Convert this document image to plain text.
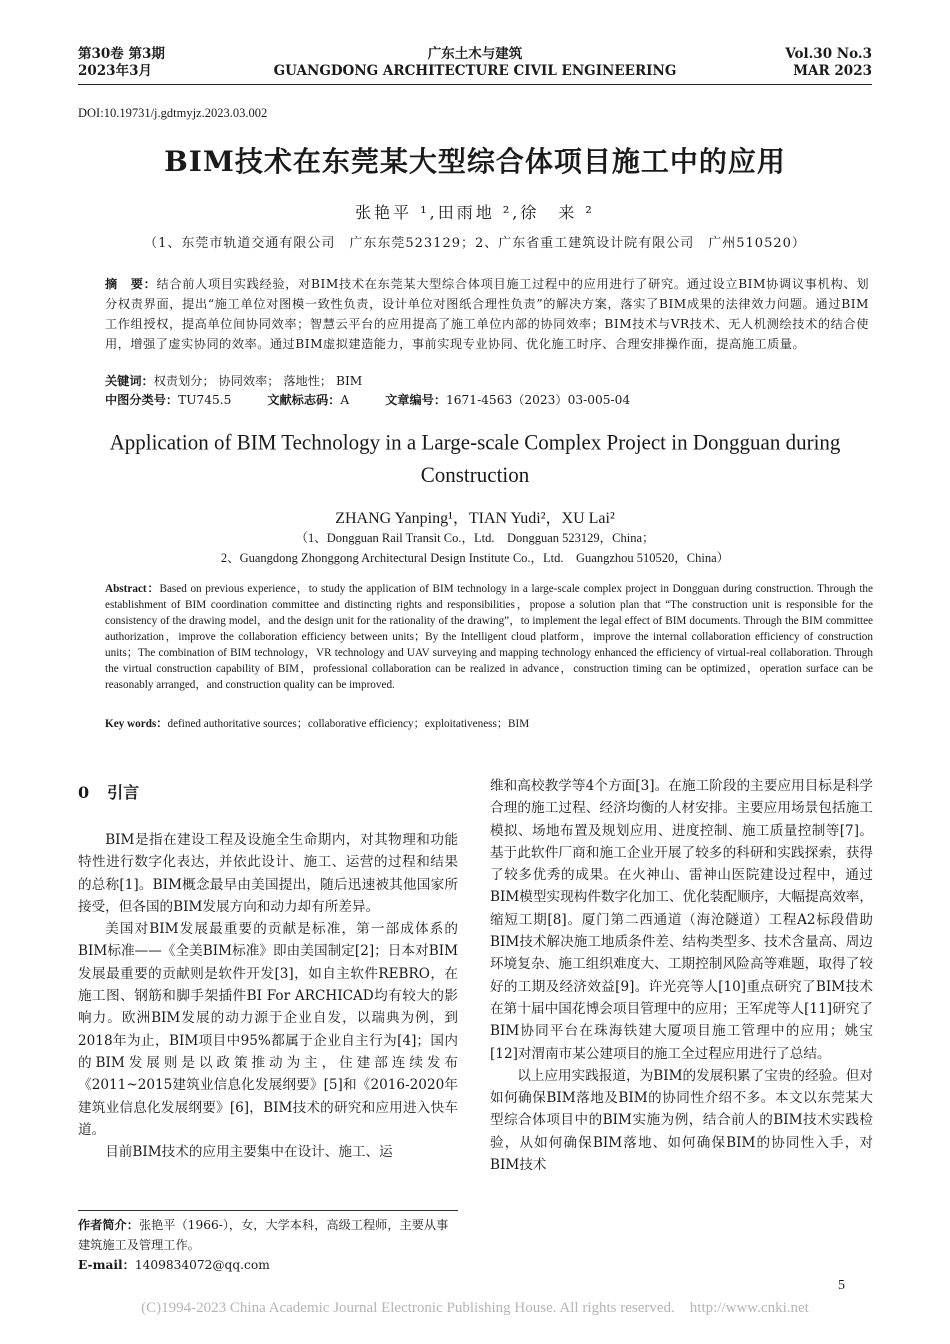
第30卷 第3期
2023年3月
广东土木与建筑
GUANGDONG ARCHITECTURE CIVIL ENGINEERING
Vol.30 No.3
MAR 2023
DOI:10.19731/j.gdtmyjz.2023.03.002
BIM技术在东莞某大型综合体项目施工中的应用
张艳平 ¹,田雨地 ²,徐　来 ²
（1、东莞市轨道交通有限公司　广东东莞523129；2、广东省重工建筑设计院有限公司　广州510520）
摘　要：结合前人项目实践经验，对BIM技术在东莞某大型综合体项目施工过程中的应用进行了研究。通过设立BIM协调议事机构、划分权责界面，提出“施工单位对图模一致性负责，设计单位对图纸合理性负责”的解决方案，落实了BIM成果的法律效力问题。通过BIM工作组授权，提高单位间协同效率；智慧云平台的应用提高了施工单位内部的协同效率；BIM技术与VR技术、无人机测绘技术的结合使用，增强了虚实协同的效率。通过BIM虚拟建造能力，事前实现专业协同、优化施工时序、合理安排操作面，提高施工质量。
关键词：权责划分； 协同效率； 落地性； BIM
中图分类号：TU745.5	文献标志码：A	文章编号：1671-4563（2023）03-005-04
Application of BIM Technology in a Large-scale Complex Project in Dongguan during Construction
ZHANG Yanping¹，TIAN Yudi²，XU Lai²
（1、Dongguan Rail Transit Co.，Ltd.　Dongguan 523129，China；
2、Guangdong Zhonggong Architectural Design Institute Co.，Ltd.　Guangzhou 510520，China）
Abstract：Based on previous experience，to study the application of BIM technology in a large-scale complex project in Dongguan during construction. Through the establishment of BIM coordination committee and distincting rights and responsibilities，propose a solution plan that “The construction unit is responsible for the consistency of the drawing model，and the design unit for the rationality of the drawing”，to implement the legal effect of BIM documents. Through the BIM committee authorization，improve the collaboration efficiency between units；By the Intelligent cloud platform，improve the internal collaboration efficiency of construction units；The combination of BIM technology，VR technology and UAV surveying and mapping technology enhanced the efficiency of virtual-real collaboration. Through the virtual construction capability of BIM，professional collaboration can be realized in advance，construction timing can be optimized，operation surface can be reasonably arranged，and construction quality can be improved.
Key words：defined authoritative sources；collaborative efficiency；exploitativeness；BIM
0 引言

BIM是指在建设工程及设施全生命期内，对其物理和功能特性进行数字化表达，并依此设计、施工、运营的过程和结果的总称[1]。BIM概念最早由美国提出，随后迅速被其他国家所接受，但各国的BIM发展方向和动力却有所差异。

美国对BIM发展最重要的贡献是标准，第一部成体系的BIM标准——《全美BIM标准》即由美国制定[2]；日本对BIM发展最重要的贡献则是软件开发[3]，如自主软件REBRO，在施工图、钢筋和脚手架插件BI For ARCHICAD均有较大的影响力。欧洲BIM发展的动力源于企业自发，以瑞典为例，到2018年为止，BIM项目中95%都属于企业自主行为[4]；国内的BIM发展则是以政策推动为主，住建部连续发布《2011~2015建筑业信息化发展纲要》[5]和《2016-2020年建筑业信息化发展纲要》[6]，BIM技术的研究和应用进入快车道。

目前BIM技术的应用主要集中在设计、施工、运

维和高校教学等4个方面[3]。在施工阶段的主要应用目标是科学合理的施工过程、经济均衡的人材安排。主要应用场景包括施工模拟、场地布置及规划应用、进度控制、施工质量控制等[7]。基于此软件厂商和施工企业开展了较多的科研和实践探索，获得了较多优秀的成果。在火神山、雷神山医院建设过程中，通过BIM模型实现构件数字化加工、优化装配顺序，大幅提高效率，缩短工期[8]。厦门第二西通道（海沧隧道）工程A2标段借助BIM技术解决施工地质条件差、结构类型多、技术含量高、周边环境复杂、施工组织难度大、工期控制风险高等难题，取得了较好的工期及经济效益[9]。许光亮等人[10]重点研究了BIM技术在第十届中国花博会项目管理中的应用；王军虎等人[11]研究了BIM协同平台在珠海铁建大厦项目施工管理中的应用；姚宝[12]对渭南市某公建项目的施工全过程应用进行了总结。

以上应用实践报道，为BIM的发展积累了宝贵的经验。但对如何确保BIM落地及BIM的协同性介绍不多。本文以东莞某大型综合体项目中的BIM实施为例，结合前人的BIM技术实践检验，从如何确保BIM落地、如何确保BIM的协同性入手，对BIM技术

作者简介：张艳平（1966-），女，大学本科，高级工程师，主要从事建筑施工及管理工作。
E-mail：1409834072@qq.com
5
(C)1994-2023 China Academic Journal Electronic Publishing House. All rights reserved.　http://www.cnki.net
